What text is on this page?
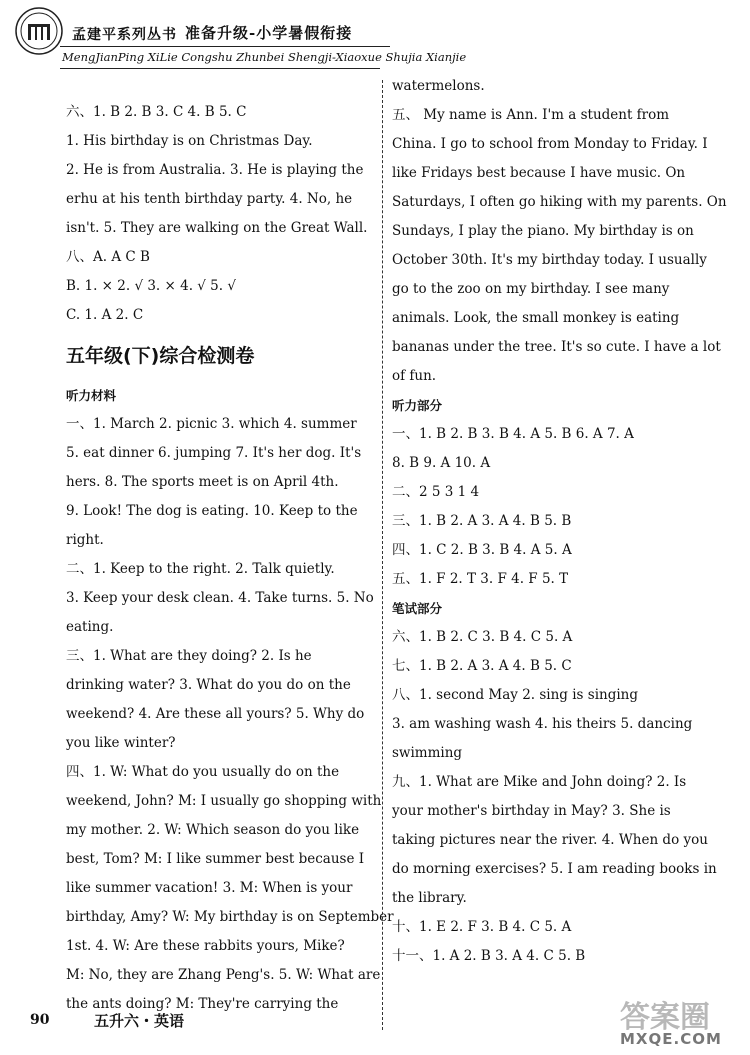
孟建平系列丛书 准备升级-小学暑假衔接
MengJianPing XiLie Congshu Zhunbei Shengji-Xiaoxue Shujia Xianjie

六、1. B 2. B 3. C 4. B 5. C

1. His birthday is on Christmas Day.

2. He is from Australia. 3. He is playing the

erhu at his tenth birthday party. 4. No, he

isn't. 5. They are walking on the Great Wall.

八、A. A C B

B. 1. × 2. √ 3. × 4. √ 5. √

C. 1. A 2. C

五年级(下)综合检测卷

听力材料

一、1. March 2. picnic 3. which 4. summer

5. eat dinner 6. jumping 7. It's her dog. It's

hers. 8. The sports meet is on April 4th.

9. Look! The dog is eating. 10. Keep to the

right.

二、1. Keep to the right. 2. Talk quietly.

3. Keep your desk clean. 4. Take turns. 5. No

eating.

三、1. What are they doing? 2. Is he

drinking water? 3. What do you do on the

weekend? 4. Are these all yours? 5. Why do

you like winter?

四、1. W: What do you usually do on the

weekend, John? M: I usually go shopping with

my mother. 2. W: Which season do you like

best, Tom? M: I like summer best because I

like summer vacation! 3. M: When is your

birthday, Amy? W: My birthday is on September

1st. 4. W: Are these rabbits yours, Mike?

M: No, they are Zhang Peng's. 5. W: What are

the ants doing? M: They're carrying the

watermelons.

五、 My name is Ann. I'm a student from

China. I go to school from Monday to Friday. I

like Fridays best because I have music. On

Saturdays, I often go hiking with my parents. On

Sundays, I play the piano. My birthday is on

October 30th. It's my birthday today. I usually

go to the zoo on my birthday. I see many

animals. Look, the small monkey is eating

bananas under the tree. It's so cute. I have a lot

of fun.

听力部分

一、1. B 2. B 3. B 4. A 5. B 6. A 7. A

8. B 9. A 10. A

二、2 5 3 1 4

三、1. B 2. A 3. A 4. B 5. B

四、1. C 2. B 3. B 4. A 5. A

五、1. F 2. T 3. F 4. F 5. T

笔试部分

六、1. B 2. C 3. B 4. C 5. A

七、1. B 2. A 3. A 4. B 5. C

八、1. second May 2. sing is singing

3. am washing wash 4. his theirs 5. dancing

swimming

九、1. What are Mike and John doing? 2. Is

your mother's birthday in May? 3. She is

taking pictures near the river. 4. When do you

do morning exercises? 5. I am reading books in

the library.

十、1. E 2. F 3. B 4. C 5. A

十一、1. A 2. B 3. A 4. C 5. B

90	五升六・英语	答案圈
MXQE.COM
